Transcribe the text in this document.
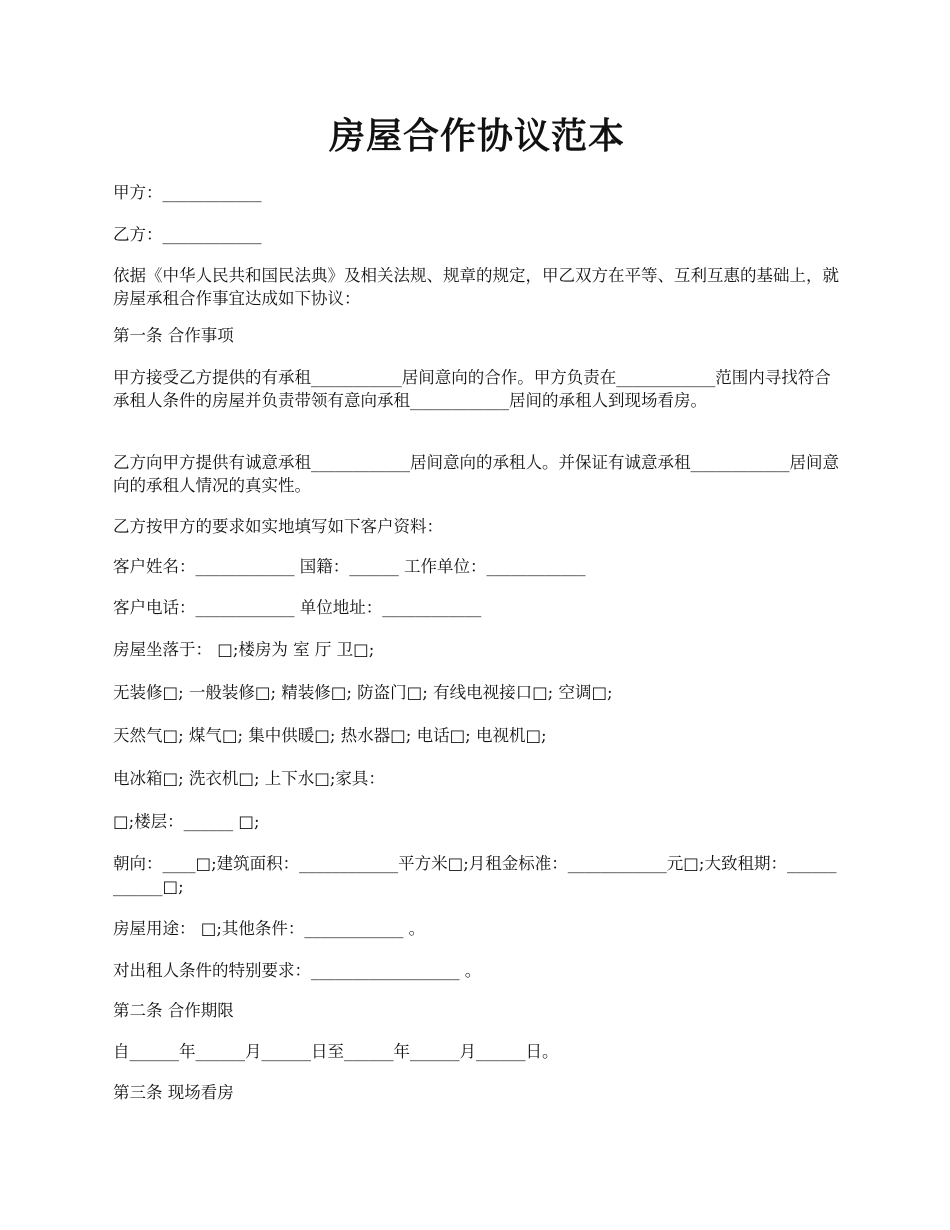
房屋合作协议范本

甲方：____________

乙方：____________

依据《中华人民共和国民法典》及相关法规、规章的规定，甲乙双方在平等、互利互惠的基础上，就房屋承租合作事宜达成如下协议：

第一条 合作事项

甲方接受乙方提供的有承租___________居间意向的合作。甲方负责在____________范围内寻找符合承租人条件的房屋并负责带领有意向承租____________居间的承租人到现场看房。

乙方向甲方提供有诚意承租____________居间意向的承租人。并保证有诚意承租____________居间意向的承租人情况的真实性。

乙方按甲方的要求如实地填写如下客户资料：

客户姓名：____________ 国籍：______ 工作单位：____________

客户电话：____________ 单位地址：____________

房屋坐落于： □;楼房为 室 厅 卫□;

无装修□; 一般装修□; 精装修□; 防盗门□; 有线电视接口□; 空调□;

天然气□; 煤气□; 集中供暖□; 热水器□; 电话□; 电视机□;

电冰箱□; 洗衣机□; 上下水□;家具：

□;楼层：______ □;

朝向：____□;建筑面积：____________平方米□;月租金标准：____________元□;大致租期：____________□;

房屋用途： □;其他条件：____________ 。

对出租人条件的特别要求：__________________ 。

第二条 合作期限

自______年______月______日至______年______月______日。

第三条 现场看房
